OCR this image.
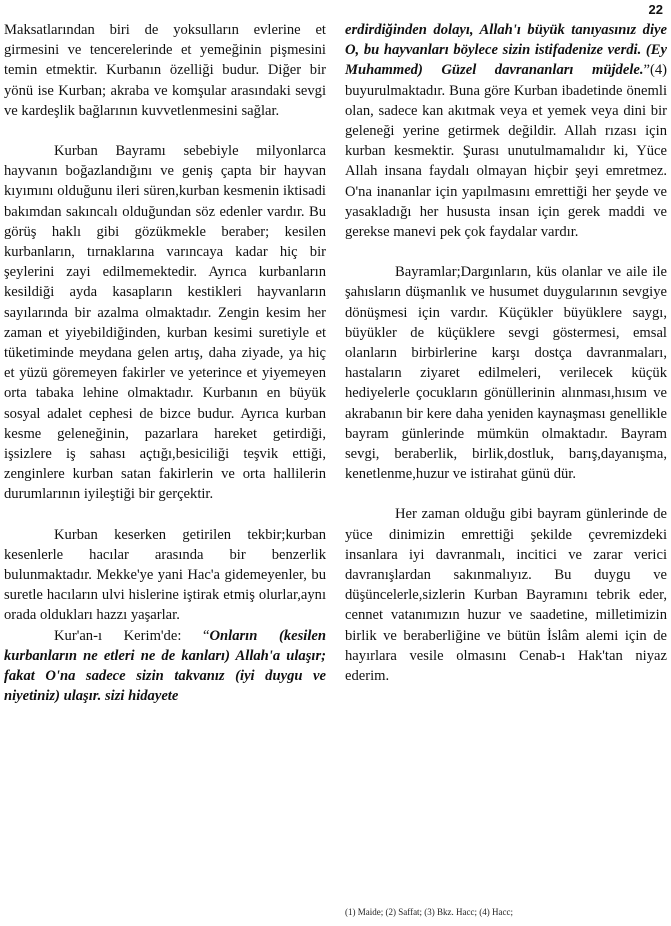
22

Maksatlarından biri de yoksulların evlerine et girmesini ve tencerelerinde et yemeğinin pişmesini temin etmektir. Kurbanın özelliği budur. Diğer bir yönü ise Kurban; akraba ve komşular arasındaki sevgi ve kardeşlik bağlarının kuvvetlenmesini sağlar.

Kurban Bayramı sebebiyle milyonlarca hayvanın boğazlandığını ve geniş çapta bir hayvan kıyımını olduğunu ileri süren,kurban kesmenin iktisadi bakımdan sakıncalı olduğundan söz edenler vardır. Bu görüş haklı gibi gözükmekle beraber; kesilen kurbanların, tırnaklarına varıncaya kadar hiç bir şeylerini zayi edilmemektedir. Ayrıca kurbanların kesildiği ayda kasapların kestikleri hayvanların sayılarında bir azalma olmaktadır. Zengin kesim her zaman et yiyebildiğinden, kurban kesimi suretiyle et tüketiminde meydana gelen artış, daha ziyade, ya hiç et yüzü göremeyen fakirler ve yeterince et yiyemeyen orta tabaka lehine olmaktadır. Kurbanın en büyük sosyal adalet cephesi de bizce budur. Ayrıca kurban kesme geleneğinin, pazarlara hareket getirdiği, işsizlere iş sahası açtığı,besiciliği teşvik ettiği, zenginlere kurban satan fakirlerin ve orta hallilerin durumlarının iyileştiği bir gerçektir.

Kurban keserken getirilen tekbir;kurban kesenlerle hacılar arasında bir benzerlik bulunmaktadır. Mekke'ye yani Hac'a gidemeyenler, bu suretle hacıların ulvi hislerine iştirak etmiş olurlar,aynı orada oldukları hazzı yaşarlar.

Kur'an-ı Kerim'de: “Onların (kesilen kurbanların ne etleri ne de kanları) Allah'a ulaşır; fakat O'na sadece sizin takvanız (iyi duygu ve niyetiniz) ulaşır. sizi hidayete

erdirdiğinden dolayı, Allah'ı büyük tanıyasınız diye O, bu hayvanları böylece sizin istifadenize verdi. (Ey Muhammed) Güzel davrananları müjdele.”(4) buyurulmaktadır. Buna göre Kurban ibadetinde önemli olan, sadece kan akıtmak veya et yemek veya dini bir geleneği yerine getirmek değildir. Allah rızası için kurban kesmektir. Şurası unutulmamalıdır ki, Yüce Allah insana faydalı olmayan hiçbir şeyi emretmez. O'na inananlar için yapılmasını emrettiği her şeyde ve yasakladığı her hususta insan için gerek maddi ve gerekse manevi pek çok faydalar vardır.

Bayramlar;Dargınların, küs olanlar ve aile ile şahısların düşmanlık ve husumet duygularının sevgiye dönüşmesi için vardır. Küçükler büyüklere saygı, büyükler de küçüklere sevgi göstermesi, emsal olanların birbirlerine karşı dostça davranmaları, hastaların ziyaret edilmeleri, verilecek küçük hediyelerle çocukların gönüllerinin alınması,hısım ve akrabanın bir kere daha yeniden kaynaşması genellikle bayram günlerinde mümkün olmaktadır. Bayram sevgi, beraberlik, birlik,dostluk, barış,dayanışma, kenetlenme,huzur ve istirahat günü dür.

Her zaman olduğu gibi bayram günlerinde de yüce dinimizin emrettiği şekilde çevremizdeki insanlara iyi davranmalı, incitici ve zarar verici davranışlardan sakınmalıyız. Bu duygu ve düşüncelerle,sizlerin Kurban Bayramını tebrik eder, cennet vatanımızın huzur ve saadetine, milletimizin birlik ve beraberliğine ve bütün İslâm alemi için de hayırlara vesile olmasını Cenab-ı Hak'tan niyaz ederim.

(1) Maide; (2) Saffat; (3) Bkz. Hacc; (4) Hacc;
